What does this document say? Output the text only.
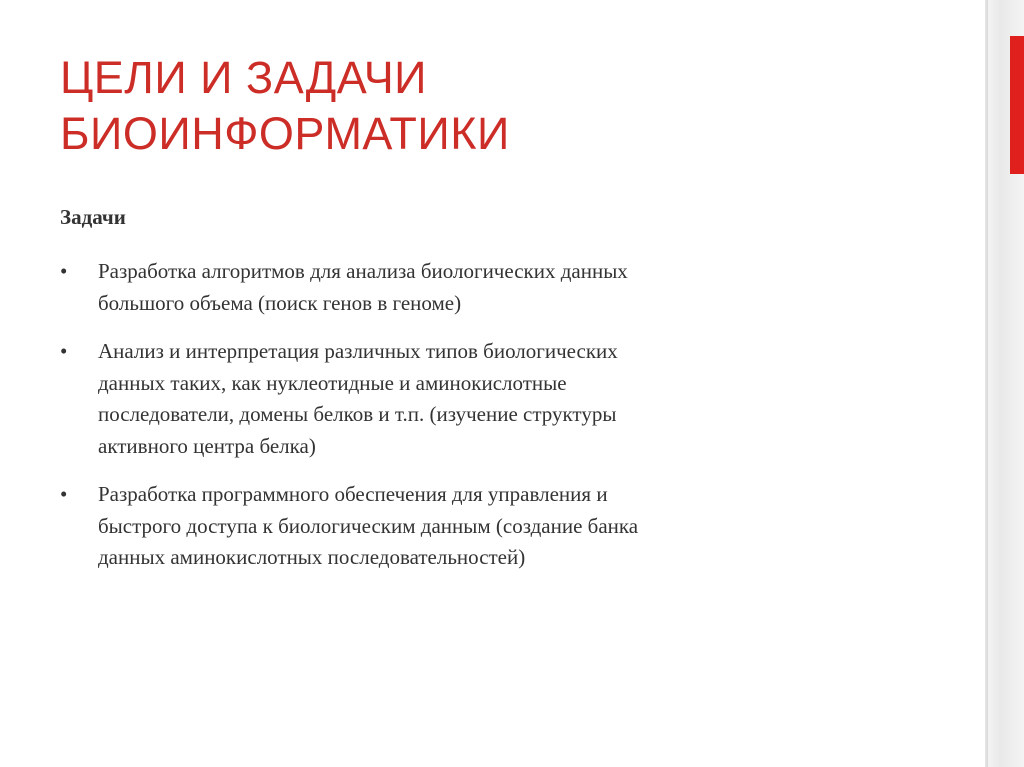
ЦЕЛИ И ЗАДАЧИ
БИОИНФОРМАТИКИ
Задачи
•	Разработка алгоритмов для анализа биологических данных
большого объема (поиск генов в геноме)
•	Анализ и интерпретация различных типов биологических
данных таких, как нуклеотидные и аминокислотные
последователи, домены белков и т.п. (изучение структуры
активного центра белка)
•	Разработка программного обеспечения для управления и
быстрого доступа к биологическим данным (создание банка
данных аминокислотных последовательностей)
